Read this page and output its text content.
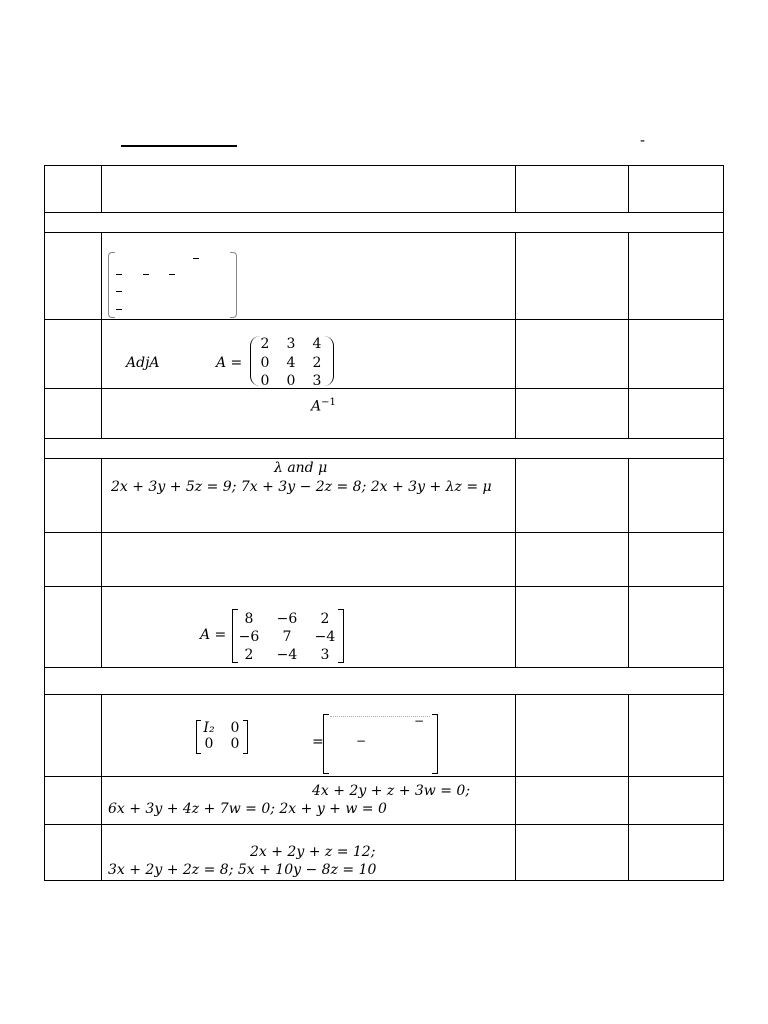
-
AdjA	A =
2	3	4
0	4	2
0	0	3
$A^{-1}$
λ and μ
2x + 3y + 5z = 9; 7x + 3y − 2z = 8; 2x + 3y + λz = μ
A =
8	−6	2
−6	7	−4
2	−4	3
I₂	0
0	0	=
−
−
4x + 2y + z + 3w = 0;
6x + 3y + 4z + 7w = 0; 2x + y + w = 0
2x + 2y + z = 12;
3x + 2y + 2z = 8; 5x + 10y − 8z = 10
